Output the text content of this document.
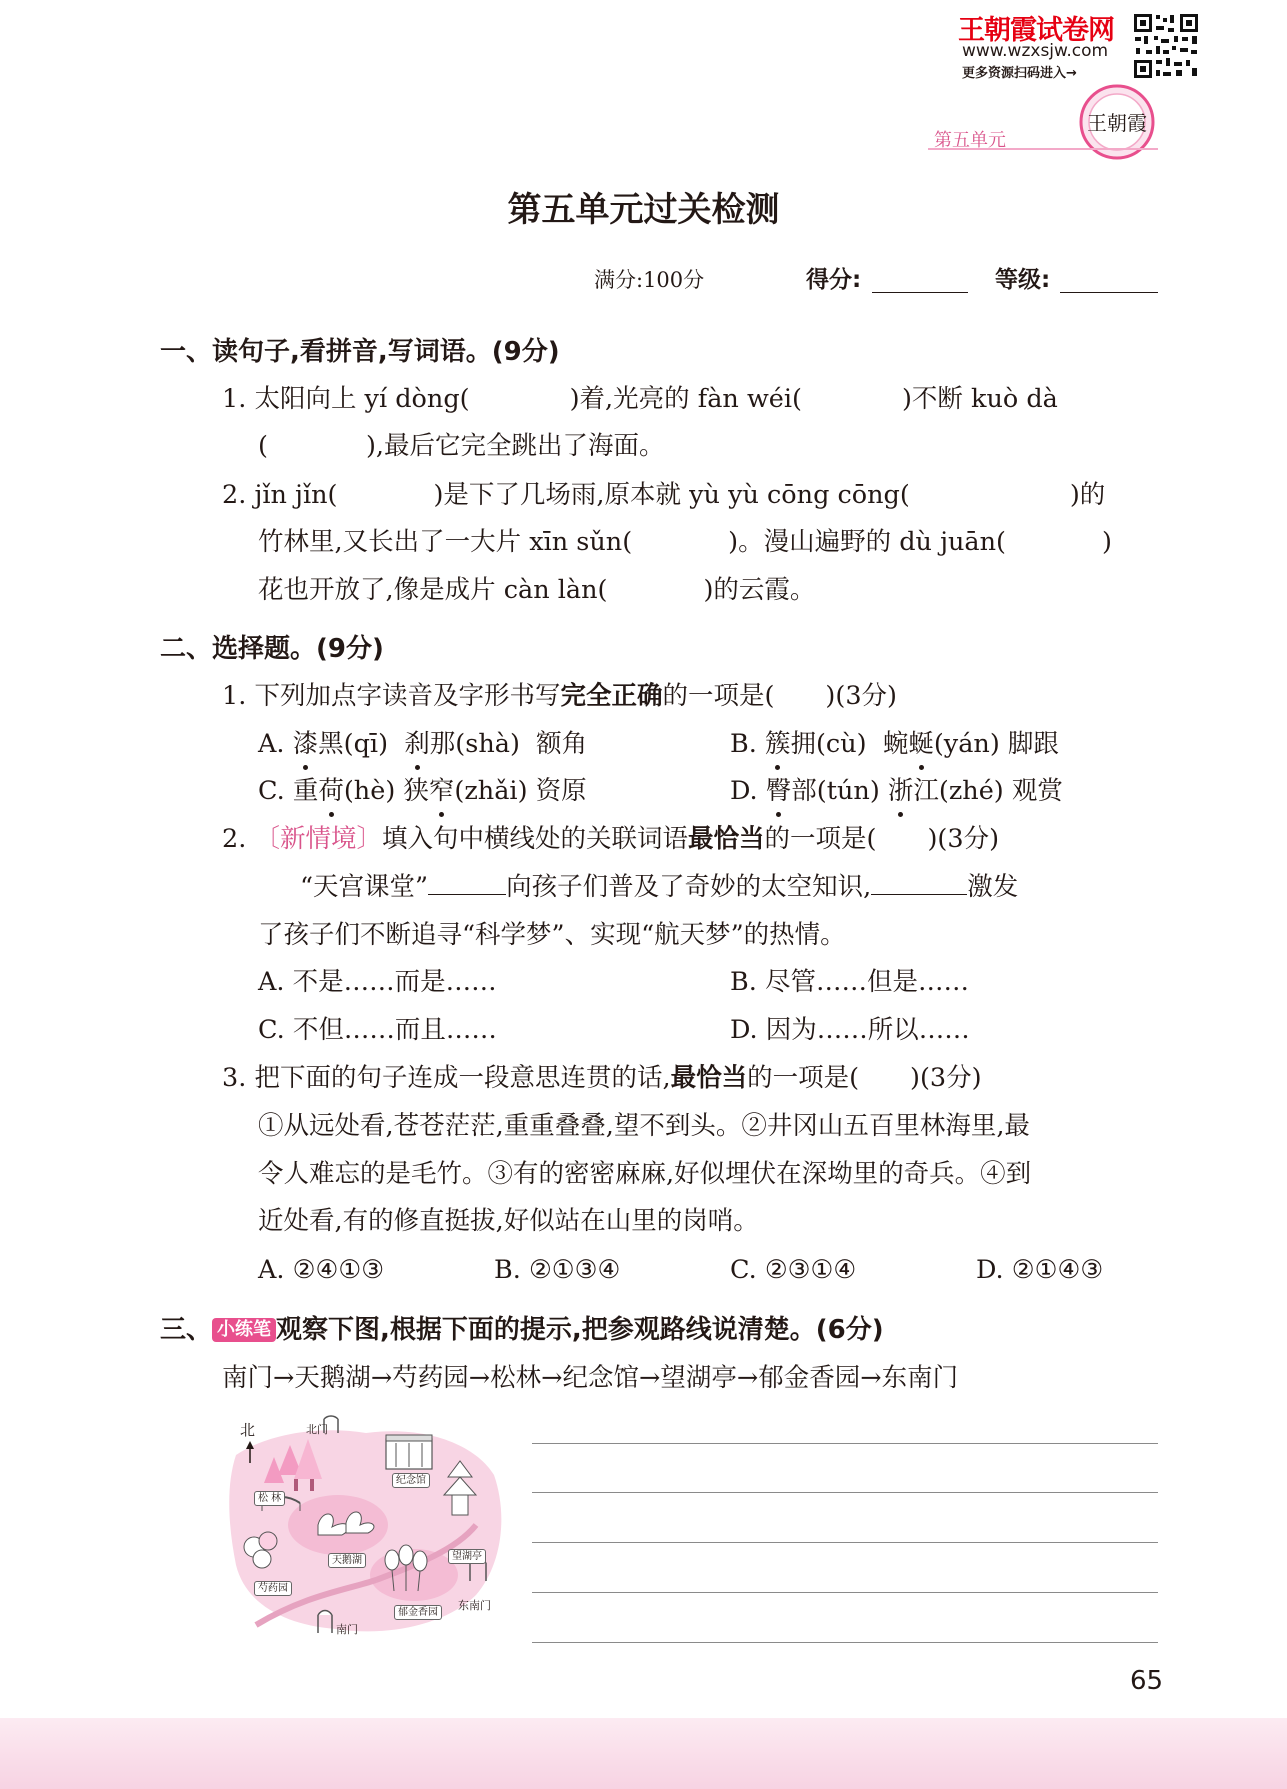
王朝霞试卷网
www.wzxsjw.com
更多资源扫码进入→
王朝霞
第五单元
第五单元过关检测
满分:100分	得分:	等级:
一、读句子,看拼音,写词语。(9分)
1. 太阳向上 yí dòng(	)着,光亮的 fàn wéi(	)不断 kuò dà
(	),最后它完全跳出了海面。
2. jǐn jǐn(	)是下了几场雨,原本就 yù yù cōng cōng(	)的
竹林里,又长出了一大片 xīn sǔn(	)。漫山遍野的 dù juān(	)
花也开放了,像是成片 càn làn(	)的云霞。
二、选择题。(9分)
1. 下列加点字读音及字形书写完全正确的一项是(　　)(3分)
A. 漆黑(qī) 刹那(shà) 额角	B. 簇拥(cù) 蜿蜒(yán) 脚跟
C. 重荷(hè) 狭窄(zhǎi) 资原	D. 臀部(tún) 浙江(zhé) 观赏
2. 〔新情境〕填入句中横线处的关联词语最恰当的一项是(　　)(3分)
“天宫课堂”	向孩子们普及了奇妙的太空知识,	激发
了孩子们不断追寻“科学梦”、实现“航天梦”的热情。
A. 不是……而是……	B. 尽管……但是……
C. 不但……而且……	D. 因为……所以……
3. 把下面的句子连成一段意思连贯的话,最恰当的一项是(　　)(3分)
①从远处看,苍苍茫茫,重重叠叠,望不到头。②井冈山五百里林海里,最
令人难忘的是毛竹。③有的密密麻麻,好似埋伏在深坳里的奇兵。④到
近处看,有的修直挺拔,好似站在山里的岗哨。
A. ②④①③	B. ②①③④	C. ②③①④	D. ②①④③
三、 小练笔 观察下图,根据下面的提示,把参观路线说清楚。(6分)
南门→天鹅湖→芍药园→松林→纪念馆→望湖亭→郁金香园→东南门
北	北门
松 林
纪念馆
天鹅湖	望湖亭
芍药园
郁金香园
东南门
南门
65
